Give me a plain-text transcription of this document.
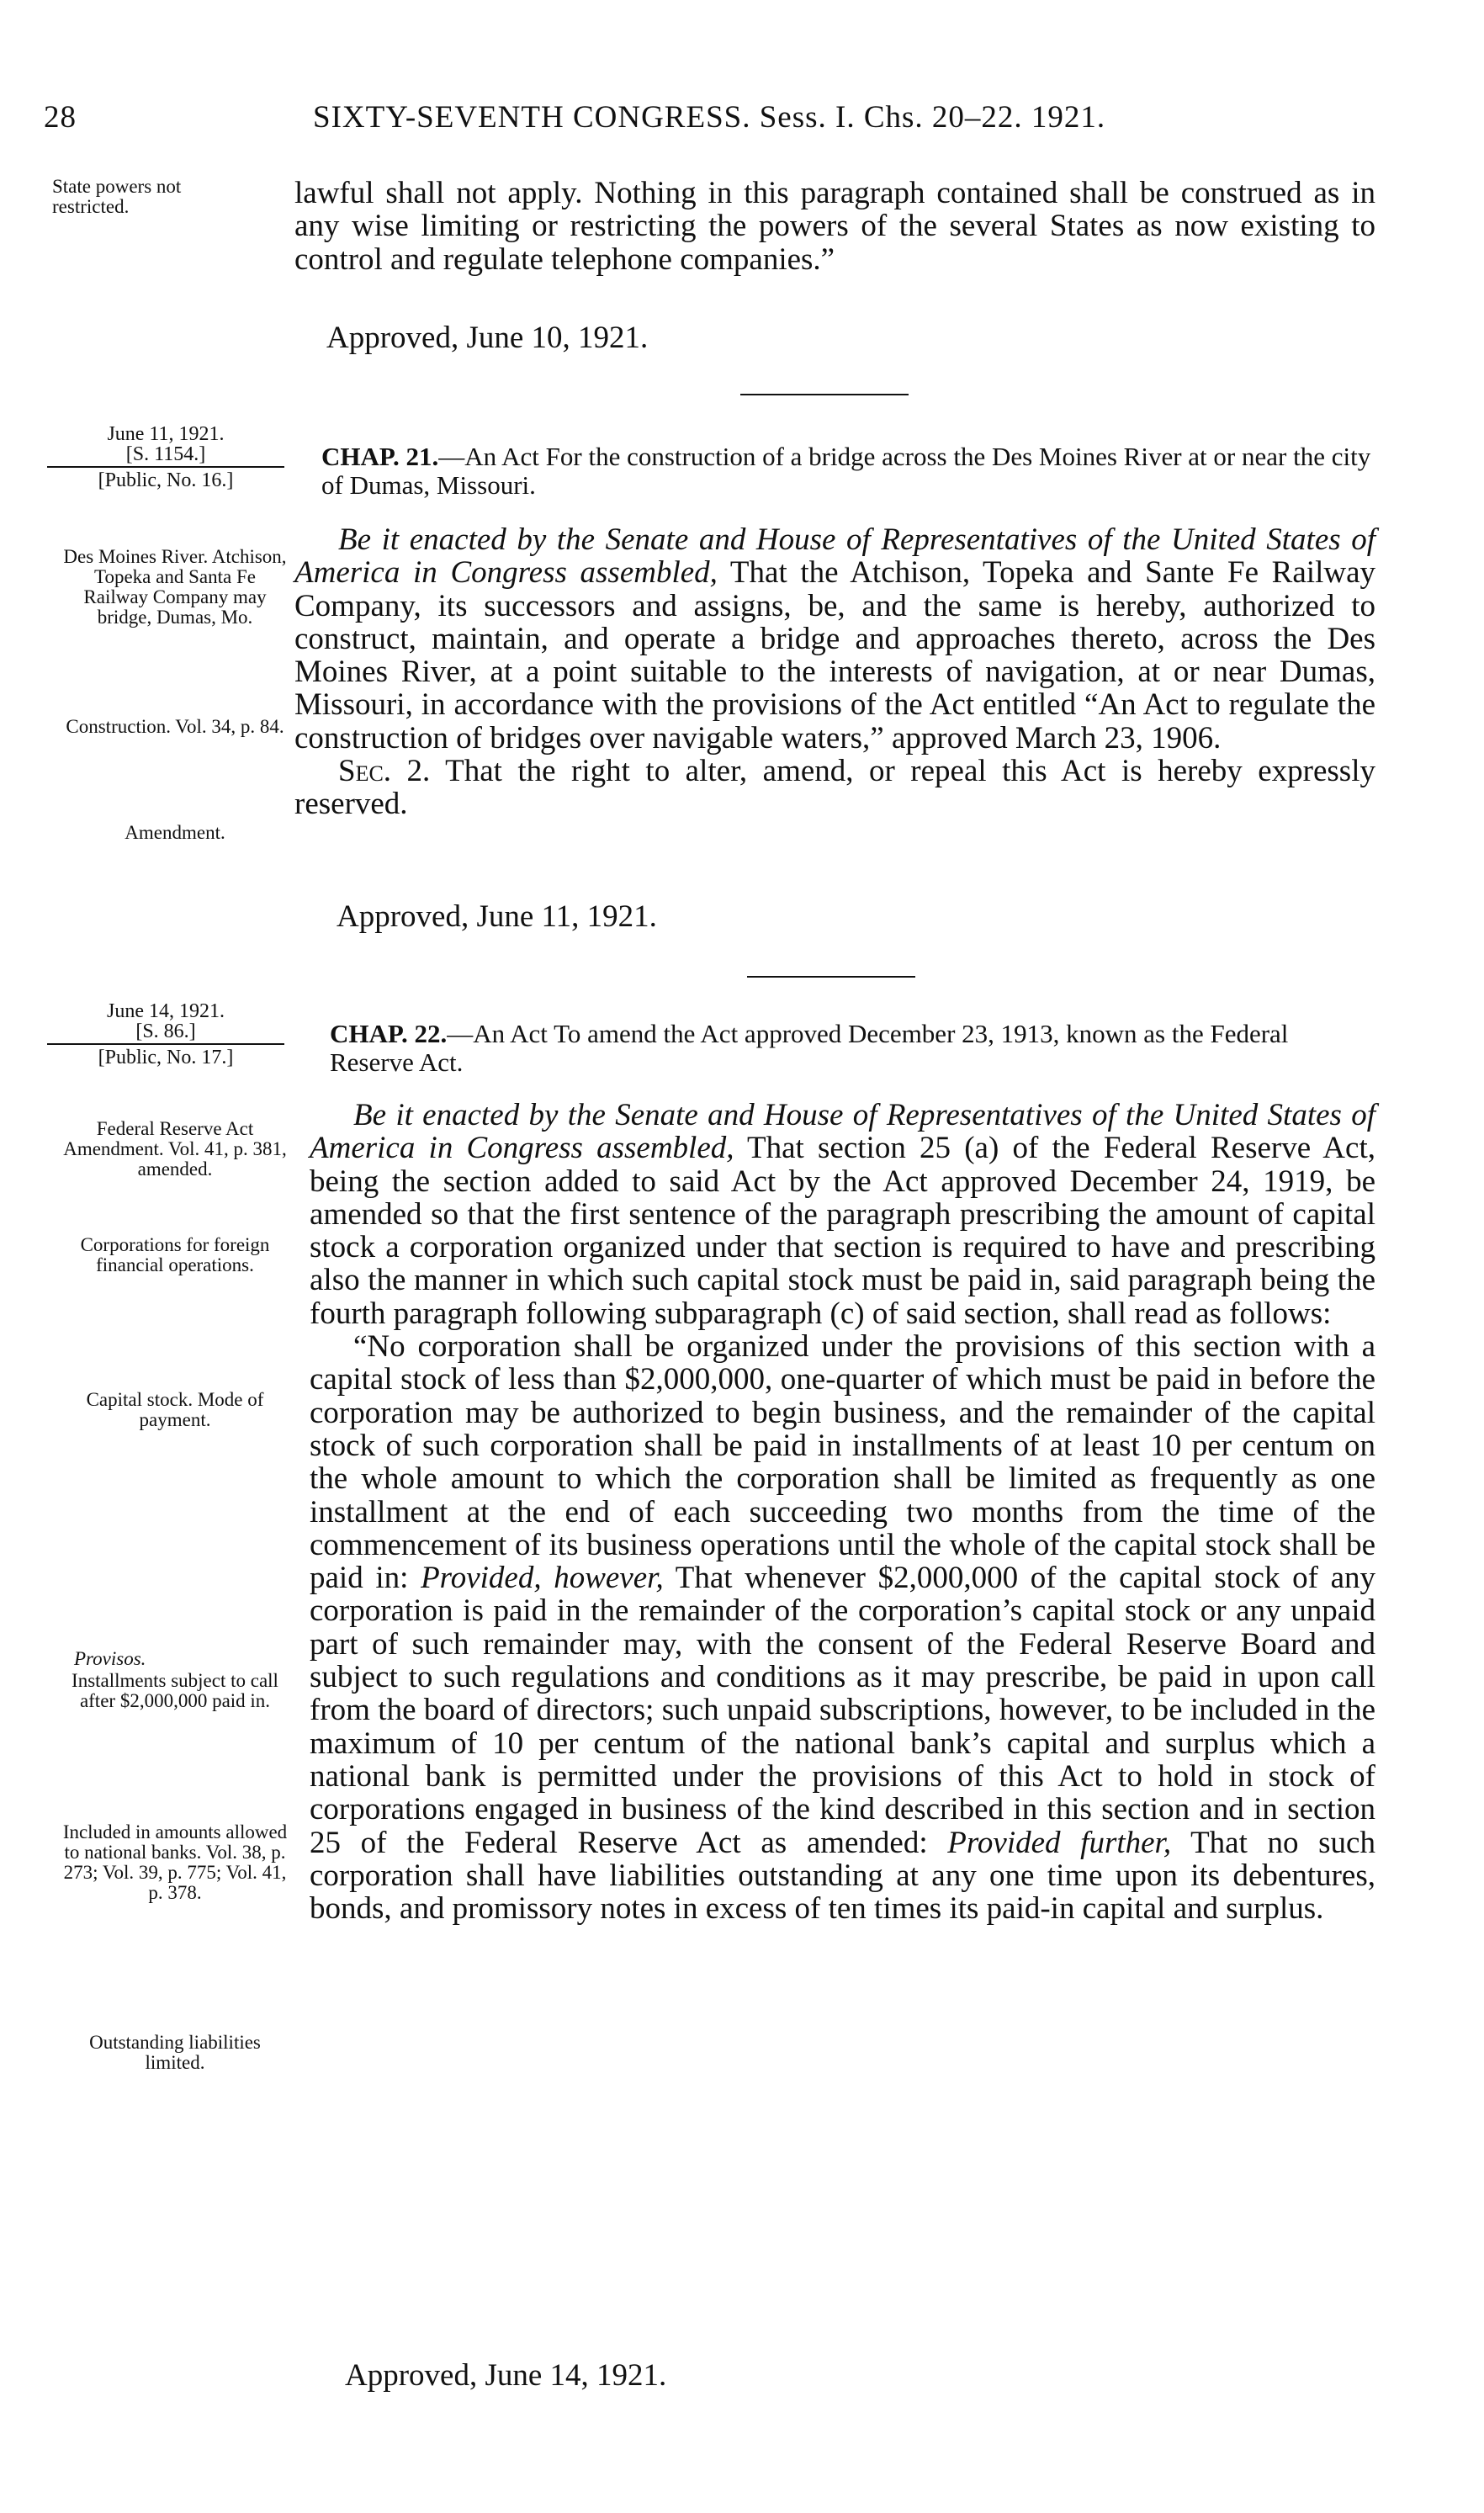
28	SIXTY-SEVENTH CONGRESS. Sess. I. Chs. 20–22. 1921.
State powers not restricted.	lawful shall not apply. Nothing in this paragraph contained shall be construed as in any wise limiting or restricting the powers of the several States as now existing to control and regulate telephone companies.”

Approved, June 10, 1921.
June 11, 1921.
[S. 1154.]
[Public, No. 16.]
CHAP. 21.—An Act For the construction of a bridge across the Des Moines River at or near the city of Dumas, Missouri.

Be it enacted by the Senate and House of Representatives of the United States of America in Congress assembled, That the Atchison, Topeka and Sante Fe Railway Company, its successors and assigns, be, and the same is hereby, authorized to construct, maintain, and operate a bridge and approaches thereto, across the Des Moines River, at a point suitable to the interests of navigation, at or near Dumas, Missouri, in accordance with the provisions of the Act entitled “An Act to regulate the construction of bridges over navigable waters,” approved March 23, 1906.

Sec. 2. That the right to alter, amend, or repeal this Act is hereby expressly reserved.

Approved, June 11, 1921.
Des Moines River. Atchison, Topeka and Santa Fe Railway Company may bridge, Dumas, Mo.
Construction. Vol. 34, p. 84.
Amendment.
June 14, 1921.
[S. 86.]
[Public, No. 17.]
CHAP. 22.—An Act To amend the Act approved December 23, 1913, known as the Federal Reserve Act.

Be it enacted by the Senate and House of Representatives of the United States of America in Congress assembled, That section 25 (a) of the Federal Reserve Act, being the section added to said Act by the Act approved December 24, 1919, be amended so that the first sentence of the paragraph prescribing the amount of capital stock a corporation organized under that section is required to have and prescribing also the manner in which such capital stock must be paid in, said paragraph being the fourth paragraph following subparagraph (c) of said section, shall read as follows:

“No corporation shall be organized under the provisions of this section with a capital stock of less than $2,000,000, one-quarter of which must be paid in before the corporation may be authorized to begin business, and the remainder of the capital stock of such corporation shall be paid in installments of at least 10 per centum on the whole amount to which the corporation shall be limited as frequently as one installment at the end of each succeeding two months from the time of the commencement of its business operations until the whole of the capital stock shall be paid in: Provided, however, That whenever $2,000,000 of the capital stock of any corporation is paid in the remainder of the corporation’s capital stock or any unpaid part of such remainder may, with the consent of the Federal Reserve Board and subject to such regulations and conditions as it may prescribe, be paid in upon call from the board of directors; such unpaid subscriptions, however, to be included in the maximum of 10 per centum of the national bank’s capital and surplus which a national bank is permitted under the provisions of this Act to hold in stock of corporations engaged in business of the kind described in this section and in section 25 of the Federal Reserve Act as amended: Provided further, That no such corporation shall have liabilities outstanding at any one time upon its debentures, bonds, and promissory notes in excess of ten times its paid-in capital and surplus.

Approved, June 14, 1921.
Federal Reserve Act Amendment. Vol. 41, p. 381, amended.
Corporations for foreign financial operations.
Capital stock. Mode of payment.
Provisos.
Installments subject to call after $2,000,000 paid in.
Included in amounts allowed to national banks. Vol. 38, p. 273; Vol. 39, p. 775; Vol. 41, p. 378.
Outstanding liabilities limited.
